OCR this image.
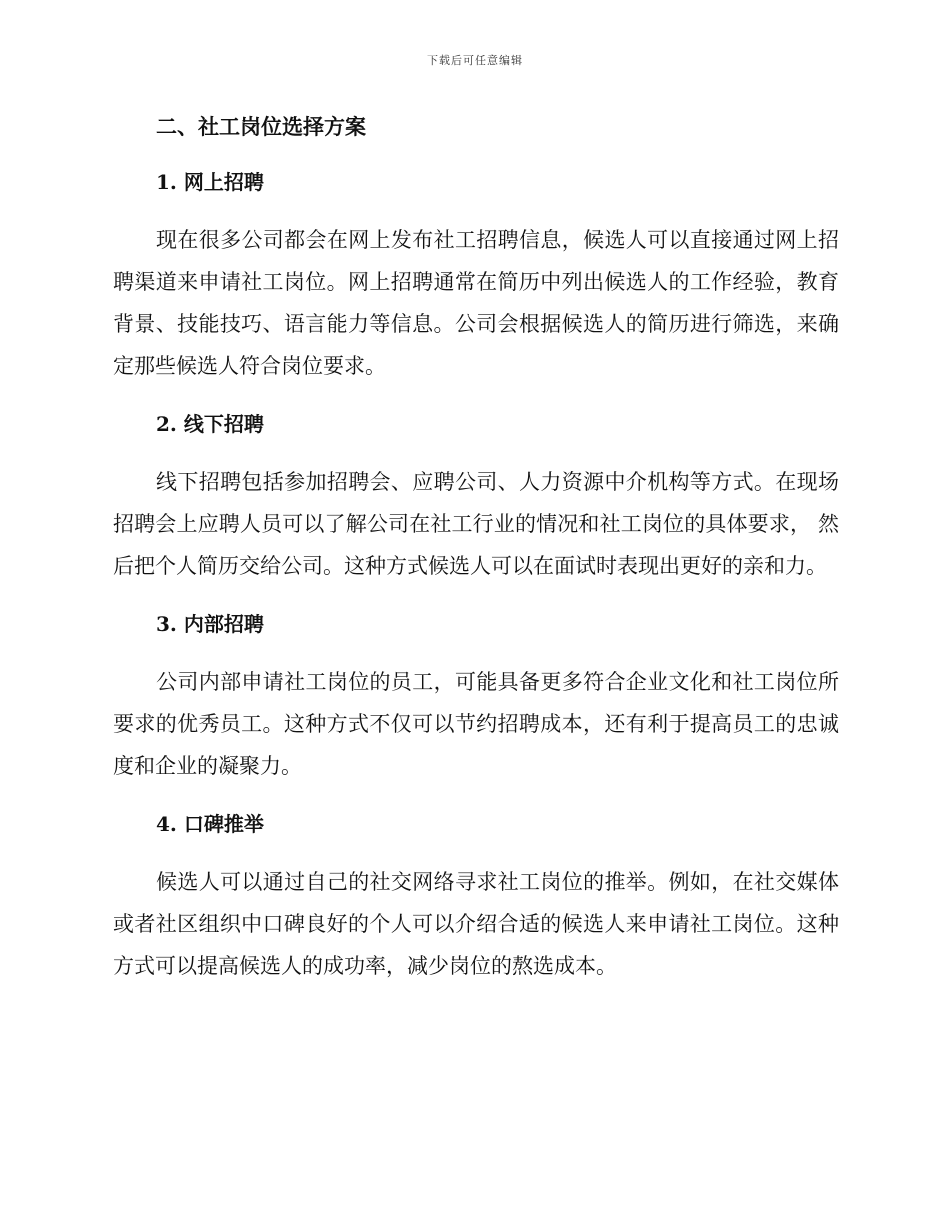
下载后可任意编辑
二、社工岗位选择方案
1. 网上招聘

现在很多公司都会在网上发布社工招聘信息，候选人可以直接通过网上招聘渠道来申请社工岗位。网上招聘通常在简历中列出候选人的工作经验，教育背景、技能技巧、语言能力等信息。公司会根据候选人的简历进行筛选，来确定那些候选人符合岗位要求。

2. 线下招聘

线下招聘包括参加招聘会、应聘公司、人力资源中介机构等方式。在现场招聘会上应聘人员可以了解公司在社工行业的情况和社工岗位的具体要求， 然后把个人简历交给公司。这种方式候选人可以在面试时表现出更好的亲和力。

3. 内部招聘

公司内部申请社工岗位的员工，可能具备更多符合企业文化和社工岗位所要求的优秀员工。这种方式不仅可以节约招聘成本，还有利于提高员工的忠诚度和企业的凝聚力。

4. 口碑推举

候选人可以通过自己的社交网络寻求社工岗位的推举。例如，在社交媒体或者社区组织中口碑良好的个人可以介绍合适的候选人来申请社工岗位。这种方式可以提高候选人的成功率，减少岗位的熬选成本。
